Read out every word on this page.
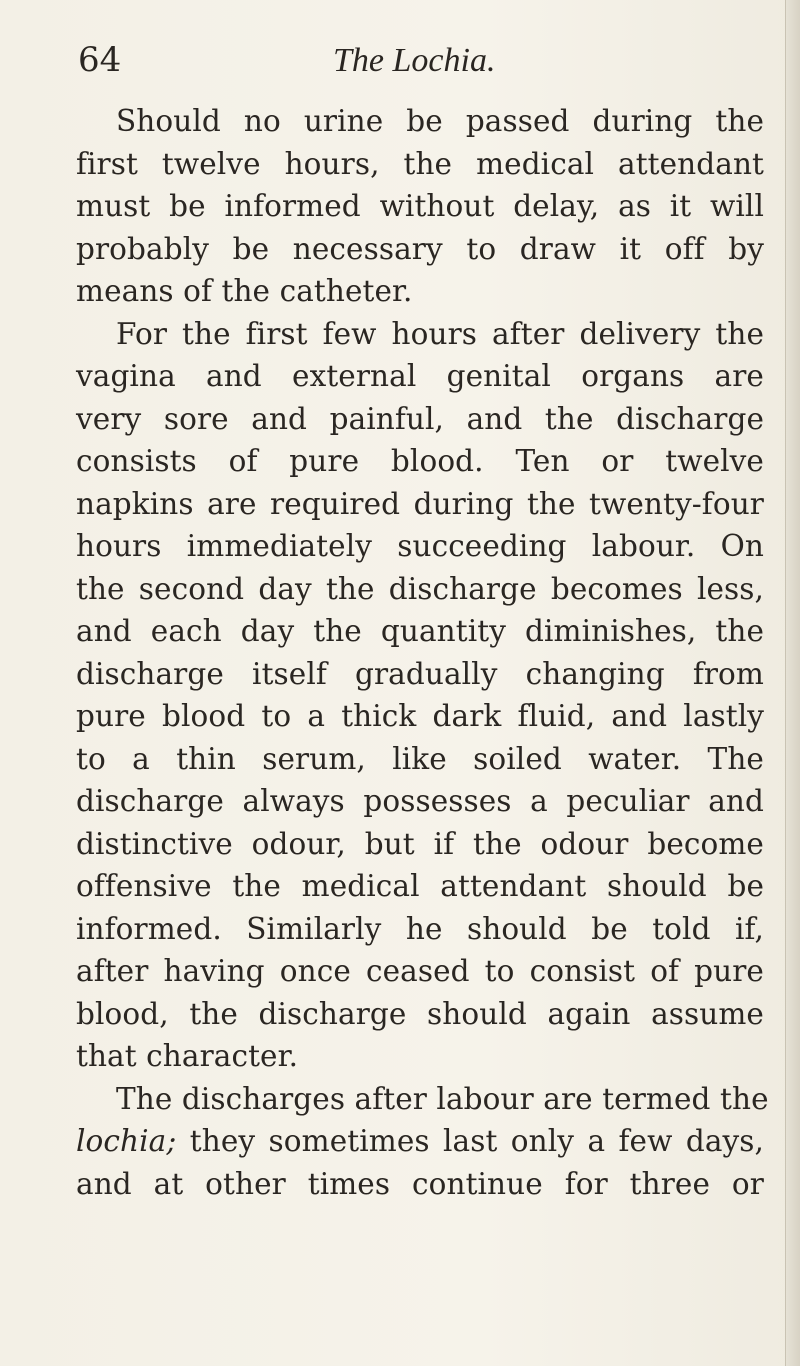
64	The Lochia.
Should no urine be passed during the
first twelve hours, the medical attendant
must be informed without delay, as it will
probably be necessary to draw it off by
means of the catheter.
For the first few hours after delivery the
vagina and external genital organs are
very sore and painful, and the discharge
consists of pure blood. Ten or twelve
napkins are required during the twenty-four
hours immediately succeeding labour. On
the second day the discharge becomes less,
and each day the quantity diminishes, the
discharge itself gradually changing from
pure blood to a thick dark fluid, and lastly
to a thin serum, like soiled water. The
discharge always possesses a peculiar and
distinctive odour, but if the odour become
offensive the medical attendant should be
informed. Similarly he should be told if,
after having once ceased to consist of pure
blood, the discharge should again assume
that character.
The discharges after labour are termed the
lochia; they sometimes last only a few days,
and at other times continue for three or
